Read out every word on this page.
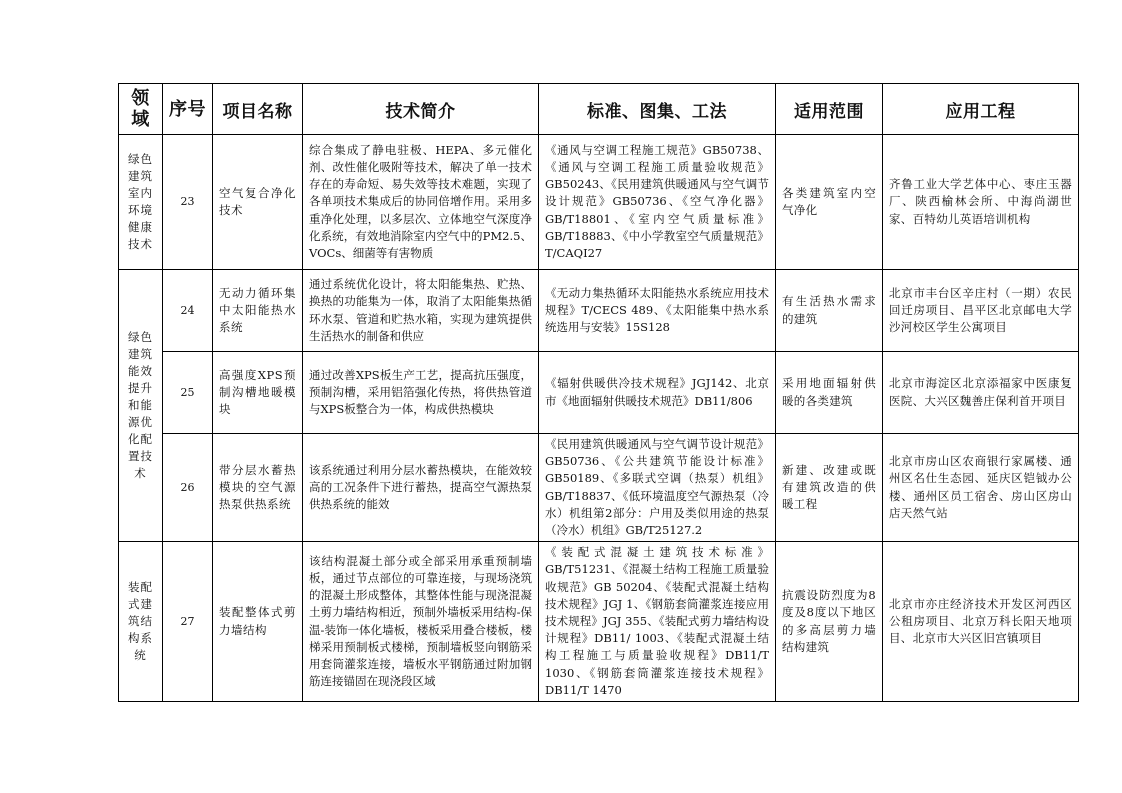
领域	序号	项目名称	技术简介	标准、图集、工法	适用范围	应用工程
绿色建筑室内环境健康技术	23	空气复合净化技术	综合集成了静电驻极、HEPA、多元催化剂、改性催化吸附等技术，解决了单一技术存在的寿命短、易失效等技术难题，实现了各单项技术集成后的协同倍增作用。采用多重净化处理，以多层次、立体地空气深度净化系统，有效地消除室内空气中的PM2.5、VOCs、细菌等有害物质	《通风与空调工程施工规范》GB50738、《通风与空调工程施工质量验收规范》GB50243、《民用建筑供暖通风与空气调节设计规范》GB50736、《空气净化器》GB/T18801、《室内空气质量标准》GB/T18883、《中小学教室空气质量规范》T/CAQI27	各类建筑室内空气净化	齐鲁工业大学艺体中心、枣庄玉器厂、陕西榆林会所、中海尚湖世家、百特幼儿英语培训机构
绿色建筑能效提升和能源优化配置技术	24	无动力循环集中太阳能热水系统	通过系统优化设计，将太阳能集热、贮热、换热的功能集为一体，取消了太阳能集热循环水泵、管道和贮热水箱，实现为建筑提供生活热水的制备和供应	《无动力集热循环太阳能热水系统应用技术规程》T/CECS 489、《太阳能集中热水系统选用与安装》15S128	有生活热水需求的建筑	北京市丰台区辛庄村（一期）农民回迁房项目、昌平区北京邮电大学沙河校区学生公寓项目
	25	高强度XPS预制沟槽地暖模块	通过改善XPS板生产工艺，提高抗压强度，预制沟槽，采用铝箔强化传热，将供热管道与XPS板整合为一体，构成供热模块	《辐射供暖供冷技术规程》JGJ142、北京市《地面辐射供暖技术规范》DB11/806	采用地面辐射供暖的各类建筑	北京市海淀区北京添福家中医康复医院、大兴区魏善庄保利首开项目
	26	带分层水蓄热模块的空气源热泵供热系统	该系统通过利用分层水蓄热模块，在能效较高的工况条件下进行蓄热，提高空气源热泵供热系统的能效	《民用建筑供暖通风与空气调节设计规范》GB50736、《公共建筑节能设计标准》GB50189、《多联式空调（热泵）机组》GB/T18837、《低环境温度空气源热泵（冷水）机组第2部分：户用及类似用途的热泵（冷水）机组》GB/T25127.2	新建、改建或既有建筑改造的供暖工程	北京市房山区农商银行家属楼、通州区名仕生态园、延庆区铠钺办公楼、通州区员工宿舍、房山区房山店天然气站
装配式建筑结构系统	27	装配整体式剪力墙结构	该结构混凝土部分或全部采用承重预制墙板，通过节点部位的可靠连接，与现场浇筑的混凝土形成整体，其整体性能与现浇混凝土剪力墙结构相近，预制外墙板采用结构-保温-装饰一体化墙板，楼板采用叠合楼板，楼梯采用预制板式楼梯，预制墙板竖向钢筋采用套筒灌浆连接，墙板水平钢筋通过附加钢筋连接锚固在现浇段区域	《装配式混凝土建筑技术标准》GB/T51231、《混凝土结构工程施工质量验收规范》GB 50204、《装配式混凝土结构技术规程》JGJ 1、《钢筋套筒灌浆连接应用技术规程》JGJ 355、《装配式剪力墙结构设计规程》DB11/ 1003、《装配式混凝土结构工程施工与质量验收规程》DB11/T 1030、《钢筋套筒灌浆连接技术规程》DB11/T 1470	抗震设防烈度为8度及8度以下地区的多高层剪力墙结构建筑	北京市亦庄经济技术开发区河西区公租房项目、北京万科长阳天地项目、北京市大兴区旧宫镇项目
